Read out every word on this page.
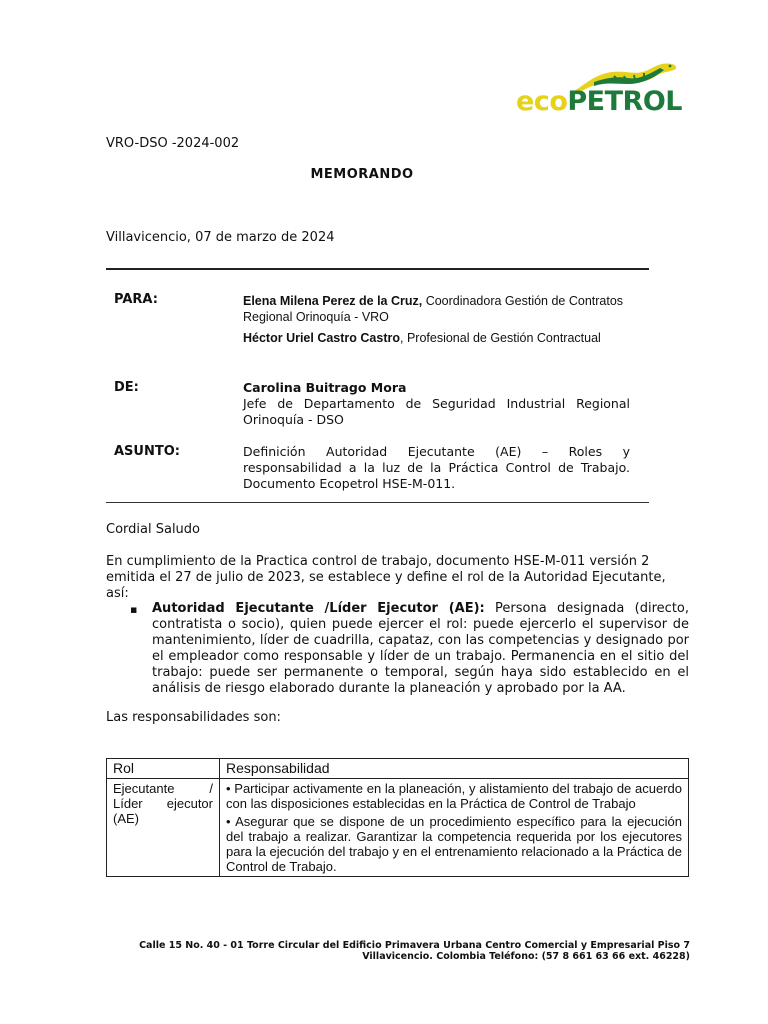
ecoPETROL
VRO-DSO -2024-002
MEMORANDO
Villavicencio, 07 de marzo de 2024
PARA:	Elena Milena Perez de la Cruz, Coordinadora Gestión de Contratos Regional Orinoquía - VRO
Héctor Uriel Castro Castro, Profesional de Gestión Contractual
DE:	Carolina Buitrago Mora
Jefe de Departamento de Seguridad Industrial Regional Orinoquía - DSO
ASUNTO:	Definición Autoridad Ejecutante (AE) – Roles y responsabilidad a la luz de la Práctica Control de Trabajo. Documento Ecopetrol HSE-M-011.
Cordial Saludo
En cumplimiento de la Practica control de trabajo, documento HSE-M-011 versión 2 emitida el 27 de julio de 2023, se establece y define el rol de la Autoridad Ejecutante, así:
▪ Autoridad Ejecutante /Líder Ejecutor (AE): Persona designada (directo, contratista o socio), quien puede ejercer el rol: puede ejercerlo el supervisor de mantenimiento, líder de cuadrilla, capataz, con las competencias y designado por el empleador como responsable y líder de un trabajo. Permanencia en el sitio del trabajo: puede ser permanente o temporal, según haya sido establecido en el análisis de riesgo elaborado durante la planeación y aprobado por la AA.
Las responsabilidades son:
Rol	Responsabilidad
Ejecutante / Líder ejecutor (AE)	• Participar activamente en la planeación, y alistamiento del trabajo de acuerdo con las disposiciones establecidas en la Práctica de Control de Trabajo
• Asegurar que se dispone de un procedimiento específico para la ejecución del trabajo a realizar. Garantizar la competencia requerida por los ejecutores para la ejecución del trabajo y en el entrenamiento relacionado a la Práctica de Control de Trabajo.
Calle 15 No. 40 - 01 Torre Circular del Edificio Primavera Urbana Centro Comercial y Empresarial Piso 7
Villavicencio. Colombia Teléfono: (57 8 661 63 66 ext. 46228)
